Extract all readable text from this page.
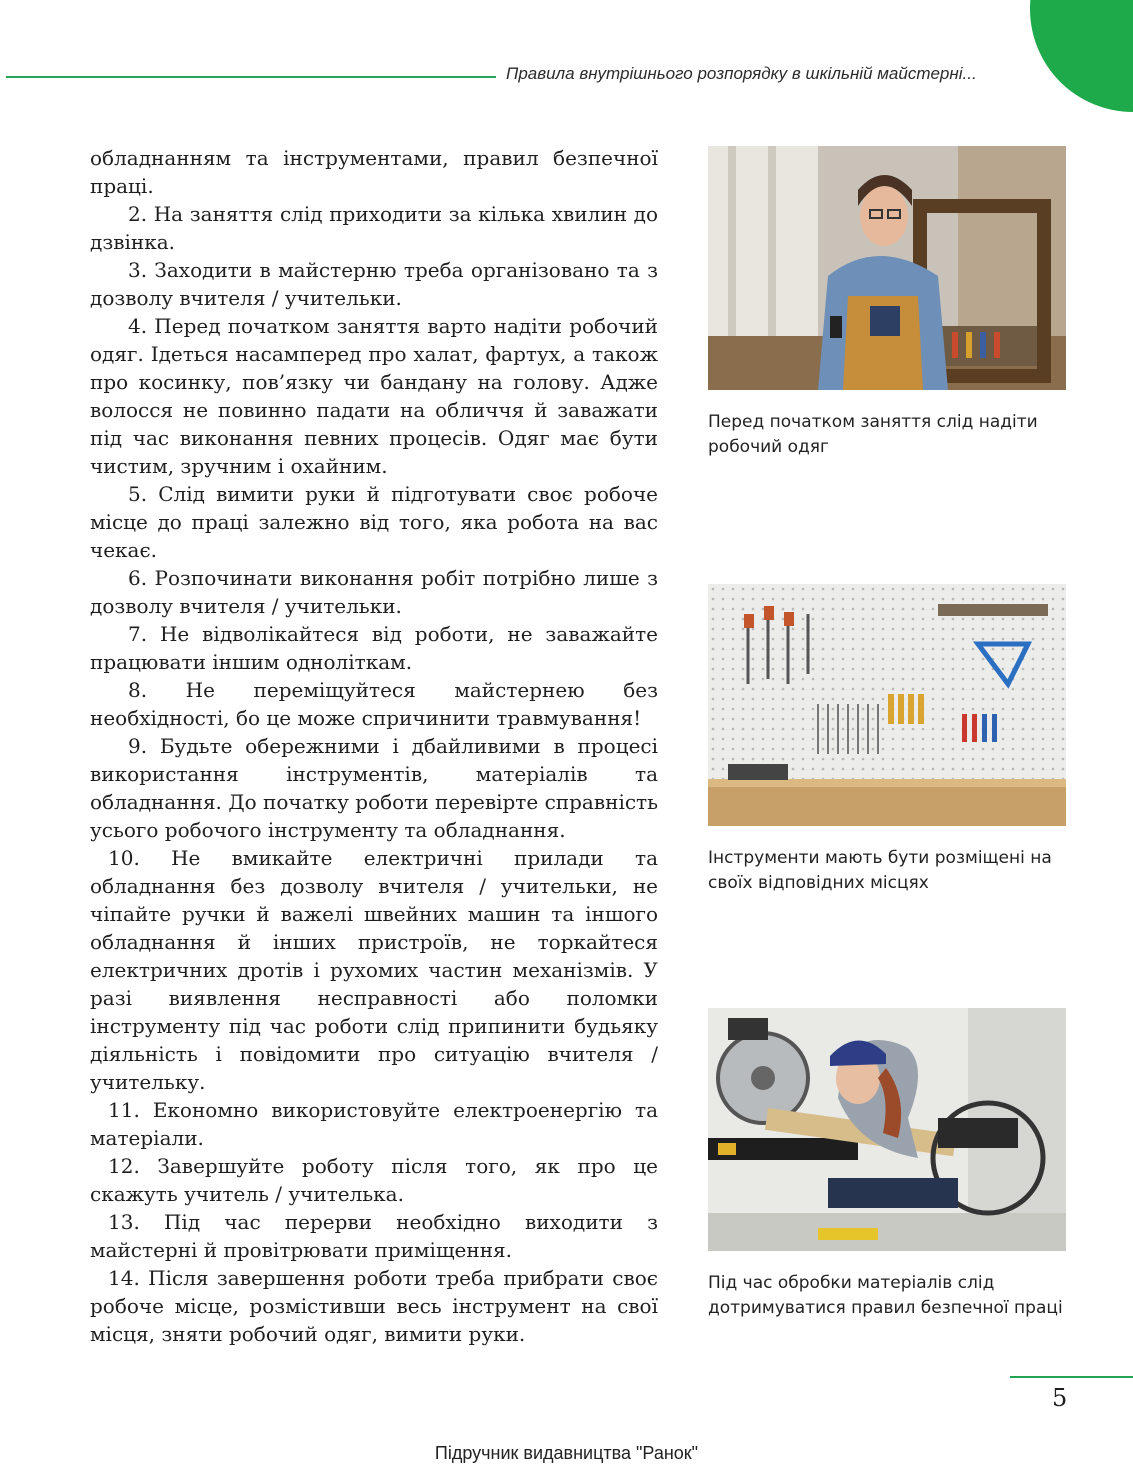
Правила внутрішнього розпорядку в шкільній майстерні...

обладнанням та інструментами, правил безпечної праці.

2. На заняття слід приходити за кілька хвилин до дзвінка.

3. Заходити в майстерню треба організовано та з дозволу вчителя / учительки.

4. Перед початком заняття варто надіти робочий одяг. Ідеться насамперед про халат, фартух, а також про косинку, пов’язку чи бандану на голову. Адже волосся не повинно падати на обличчя й заважати під час виконання певних процесів. Одяг має бути чистим, зручним і охайним.

5. Слід вимити руки й підготувати своє робоче місце до праці залежно від того, яка робота на вас чекає.

6. Розпочинати виконання робіт потрібно лише з дозволу вчителя / учительки.

7. Не відволікайтеся від роботи, не заважайте працювати іншим одноліткам.

8. Не переміщуйтеся майстернею без необхідності, бо це може спричинити травмування!

9. Будьте обережними і дбайливими в процесі використання інструментів, матеріалів та обладнання. До початку роботи перевірте справність усього робочого інструменту та обладнання.

10. Не вмикайте електричні прилади та обладнання без дозволу вчителя / учительки, не чіпайте ручки й важелі швейних машин та іншого обладнання й інших пристроїв, не торкайтеся електричних дротів і рухомих частин механізмів. У разі виявлення несправності або поломки інструменту під час роботи слід припинити будьяку діяльність і повідомити про ситуацію вчителя / учительку.

11. Економно використовуйте електроенергію та матеріали.

12. Завершуйте роботу після того, як про це скажуть учитель / учителька.

13. Під час перерви необхідно виходити з майстерні й провітрювати приміщення.

14. Після завершення роботи треба прибрати своє робоче місце, розмістивши весь інструмент на свої місця, зняти робочий одяг, вимити руки.

Перед початком заняття слід надіти робочий одяг
Інструменти мають бути розміщені на своїх відповідних місцях
Під час обробки матеріалів слід дотримуватися правил безпечної праці
5
Підручник видавництва "Ранок"
